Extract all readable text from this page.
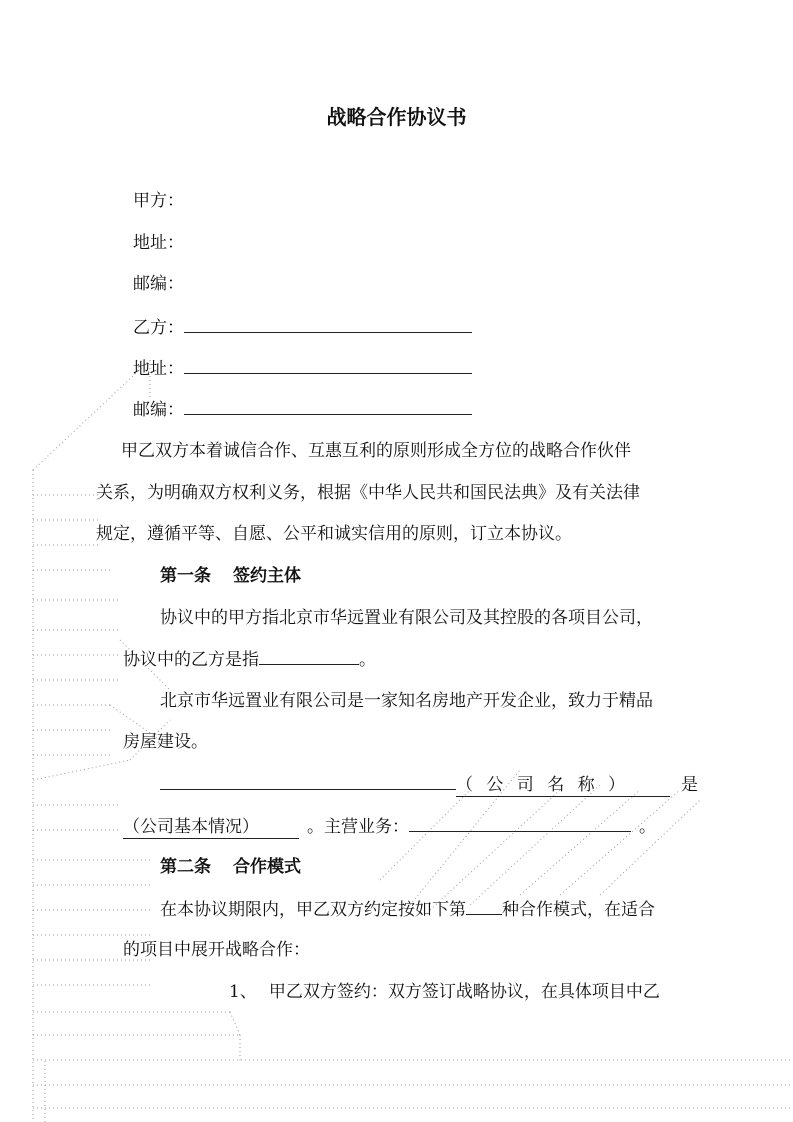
战略合作协议书
甲方：
地址：
邮编：
乙方：
地址：
邮编：
甲乙双方本着诚信合作、互惠互利的原则形成全方位的战略合作伙伴
关系，为明确双方权利义务，根据《中华人民共和国民法典》及有关法律
规定，遵循平等、自愿、公平和诚实信用的原则，订立本协议。
第一条 签约主体
协议中的甲方指北京市华远置业有限公司及其控股的各项目公司，
协议中的乙方是指	。
北京市华远置业有限公司是一家知名房地产开发企业，致力于精品
房屋建设。
（ 公 司 名 称 ）	是
（公司基本情况）	。主营业务：	。
第二条 合作模式
在本协议期限内，甲乙双方约定按如下第 种合作模式，在适合
的项目中展开战略合作：
1、 甲乙双方签约：双方签订战略协议，在具体项目中乙
